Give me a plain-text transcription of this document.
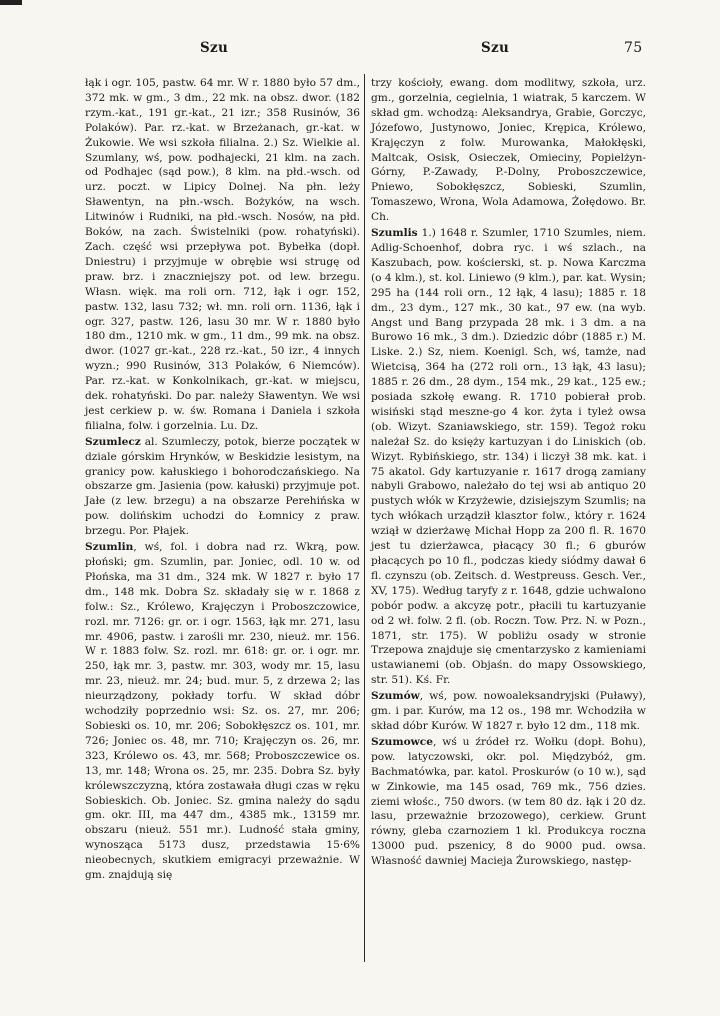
Szu	Szu	75

łąk i ogr. 105, pastw. 64 mr. W r. 1880 było 57 dm., 372 mk. w gm., 3 dm., 22 mk. na obsz. dwor. (182 rzym.-kat., 191 gr.-kat., 21 izr.; 358 Rusinów, 36 Polaków). Par. rz.-kat. w Brzeżanach, gr.-kat. w Żukowie. We wsi szkoła filialna. 2.) Sz. Wielkie al. Szumlany, wś, pow. podhajecki, 21 klm. na zach. od Podhajec (sąd pow.), 8 klm. na płd.-wsch. od urz. poczt. w Lipicy Dolnej. Na płn. leży Sławentyn, na płn.-wsch. Bożyków, na wsch. Litwinów i Rudniki, na płd.-wsch. Nosów, na płd. Boków, na zach. Świstelniki (pow. rohatyński). Zach. część wsi przepływa pot. Bybełka (dopł. Dniestru) i przyjmuje w obrębie wsi strugę od praw. brz. i znaczniejszy pot. od lew. brzegu. Własn. więk. ma roli orn. 712, łąk i ogr. 152, pastw. 132, lasu 732; wł. mn. roli orn. 1136, łąk i ogr. 327, pastw. 126, lasu 30 mr. W r. 1880 było 180 dm., 1210 mk. w gm., 11 dm., 99 mk. na obsz. dwor. (1027 gr.-kat., 228 rz.-kat., 50 izr., 4 innych wyzn.; 990 Rusinów, 313 Polaków, 6 Niemców). Par. rz.-kat. w Konkolnikach, gr.-kat. w miejscu, dek. rohatyński. Do par. należy Sławentyn. We wsi jest cerkiew p. w. św. Romana i Daniela i szkoła filialna, folw. i gorzelnia. Lu. Dz.

Szumlecz al. Szumleczy, potok, bierze początek w dziale górskim Hrynków, w Beskidzie lesistym, na granicy pow. kałuskiego i bohorodczańskiego. Na obszarze gm. Jasienia (pow. kałuski) przyjmuje pot. Jałe (z lew. brzegu) a na obszarze Perehińska w pow. dolińskim uchodzi do Łomnicy z praw. brzegu. Por. Płajek.

Szumlin, wś, fol. i dobra nad rz. Wkrą, pow. płoński; gm. Szumlin, par. Joniec, odl. 10 w. od Płońska, ma 31 dm., 324 mk. W 1827 r. było 17 dm., 148 mk. Dobra Sz. składały się w r. 1868 z folw.: Sz., Królewo, Krajęczyn i Proboszczowice, rozl. mr. 7126: gr. or. i ogr. 1563, łąk mr. 271, lasu mr. 4906, pastw. i zarośli mr. 230, nieuż. mr. 156. W r. 1883 folw. Sz. rozl. mr. 618: gr. or. i ogr. mr. 250, łąk mr. 3, pastw. mr. 303, wody mr. 15, lasu mr. 23, nieuż. mr. 24; bud. mur. 5, z drzewa 2; las nieurządzony, pokłady torfu. W skład dóbr wchodziły poprzednio wsi: Sz. os. 27, mr. 206; Sobieski os. 10, mr. 206; Sobokłęszcz os. 101, mr. 726; Joniec os. 48, mr. 710; Krajęczyn os. 26, mr. 323, Królewo os. 43, mr. 568; Proboszczewice os. 13, mr. 148; Wrona os. 25, mr. 235. Dobra Sz. były królewszczyzną, która zostawała długi czas w ręku Sobieskich. Ob. Joniec. Sz. gmina należy do sądu gm. okr. III, ma 447 dm., 4385 mk., 13159 mr. obszaru (nieuż. 551 mr.). Ludność stała gminy, wynosząca 5173 dusz, przedstawia 15·6% nieobecnych, skutkiem emigracyi przeważnie. W gm. znajdują się

trzy kościoły, ewang. dom modlitwy, szkoła, urz. gm., gorzelnia, cegielnia, 1 wiatrak, 5 karczem. W skład gm. wchodzą: Aleksandrya, Grabie, Gorczyc, Józefowo, Justynowo, Joniec, Krępica, Królewo, Krajęczyn z folw. Murowanka, Małokłęski, Maltcak, Osisk, Osieczek, Omieciny, Popielżyn-Górny, P.-Zawady, P.-Dolny, Proboszczewice, Pniewo, Sobokłęszcz, Sobieski, Szumlin, Tomaszewo, Wrona, Wola Adamowa, Żołędowo. Br. Ch.

Szumlis 1.) 1648 r. Szumler, 1710 Szumles, niem. Adlig-Schoenhof, dobra ryc. i wś szlach., na Kaszubach, pow. kościerski, st. p. Nowa Karczma (o 4 klm.), st. kol. Liniewo (9 klm.), par. kat. Wysin; 295 ha (144 roli orn., 12 łąk, 4 lasu); 1885 r. 18 dm., 23 dym., 127 mk., 30 kat., 97 ew. (na wyb. Angst und Bang przypada 28 mk. i 3 dm. a na Burowo 16 mk., 3 dm.). Dziedzic dóbr (1885 r.) M. Liske. 2.) Sz, niem. Koenigl. Sch, wś, tamże, nad Wietcisą, 364 ha (272 roli orn., 13 łąk, 43 lasu); 1885 r. 26 dm., 28 dym., 154 mk., 29 kat., 125 ew.; posiada szkołę ewang. R. 1710 pobierał prob. wisiński stąd meszne-go 4 kor. żyta i tyleż owsa (ob. Wizyt. Szaniawskiego, str. 159). Tegoż roku należał Sz. do księży kartuzyan i do Liniskich (ob. Wizyt. Rybińskiego, str. 134) i liczył 38 mk. kat. i 75 akatol. Gdy kartuzyanie r. 1617 drogą zamiany nabyli Grabowo, należało do tej wsi ab antiquo 20 pustych włók w Krzyżewie, dzisiejszym Szumlis; na tych włókach urządził klasztor folw., który r. 1624 wziął w dzierżawę Michał Hopp za 200 fl. R. 1670 jest tu dzierżawca, płacący 30 fl.; 6 gburów płacących po 10 fl., podczas kiedy siódmy dawał 6 fl. czynszu (ob. Zeitsch. d. Westpreuss. Gesch. Ver., XV, 175). Według taryfy z r. 1648, gdzie uchwalono pobór podw. a akcyzę potr., płacili tu kartuzyanie od 2 wł. folw. 2 fl. (ob. Roczn. Tow. Prz. N. w Pozn., 1871, str. 175). W pobliżu osady w stronie Trzepowa znajduje się cmentarzysko z kamieniami ustawianemi (ob. Objaśn. do mapy Ossowskiego, str. 51). Kś. Fr.

Szumów, wś, pow. nowoaleksandryjski (Puławy), gm. i par. Kurów, ma 12 os., 198 mr. Wchodziła w skład dóbr Kurów. W 1827 r. było 12 dm., 118 mk.

Szumowce, wś u źródeł rz. Wołku (dopł. Bohu), pow. latyczowski, okr. pol. Międzybóż, gm. Bachmatówka, par. katol. Proskurów (o 10 w.), sąd w Zinkowie, ma 145 osad, 769 mk., 756 dzies. ziemi włośc., 750 dwors. (w tem 80 dz. łąk i 20 dz. lasu, przeważnie brzozowego), cerkiew. Grunt równy, gleba czarnoziem 1 kl. Produkcya roczna 13000 pud. pszenicy, 8 do 9000 pud. owsa. Własność dawniej Macieja Żurowskiego, następ-
